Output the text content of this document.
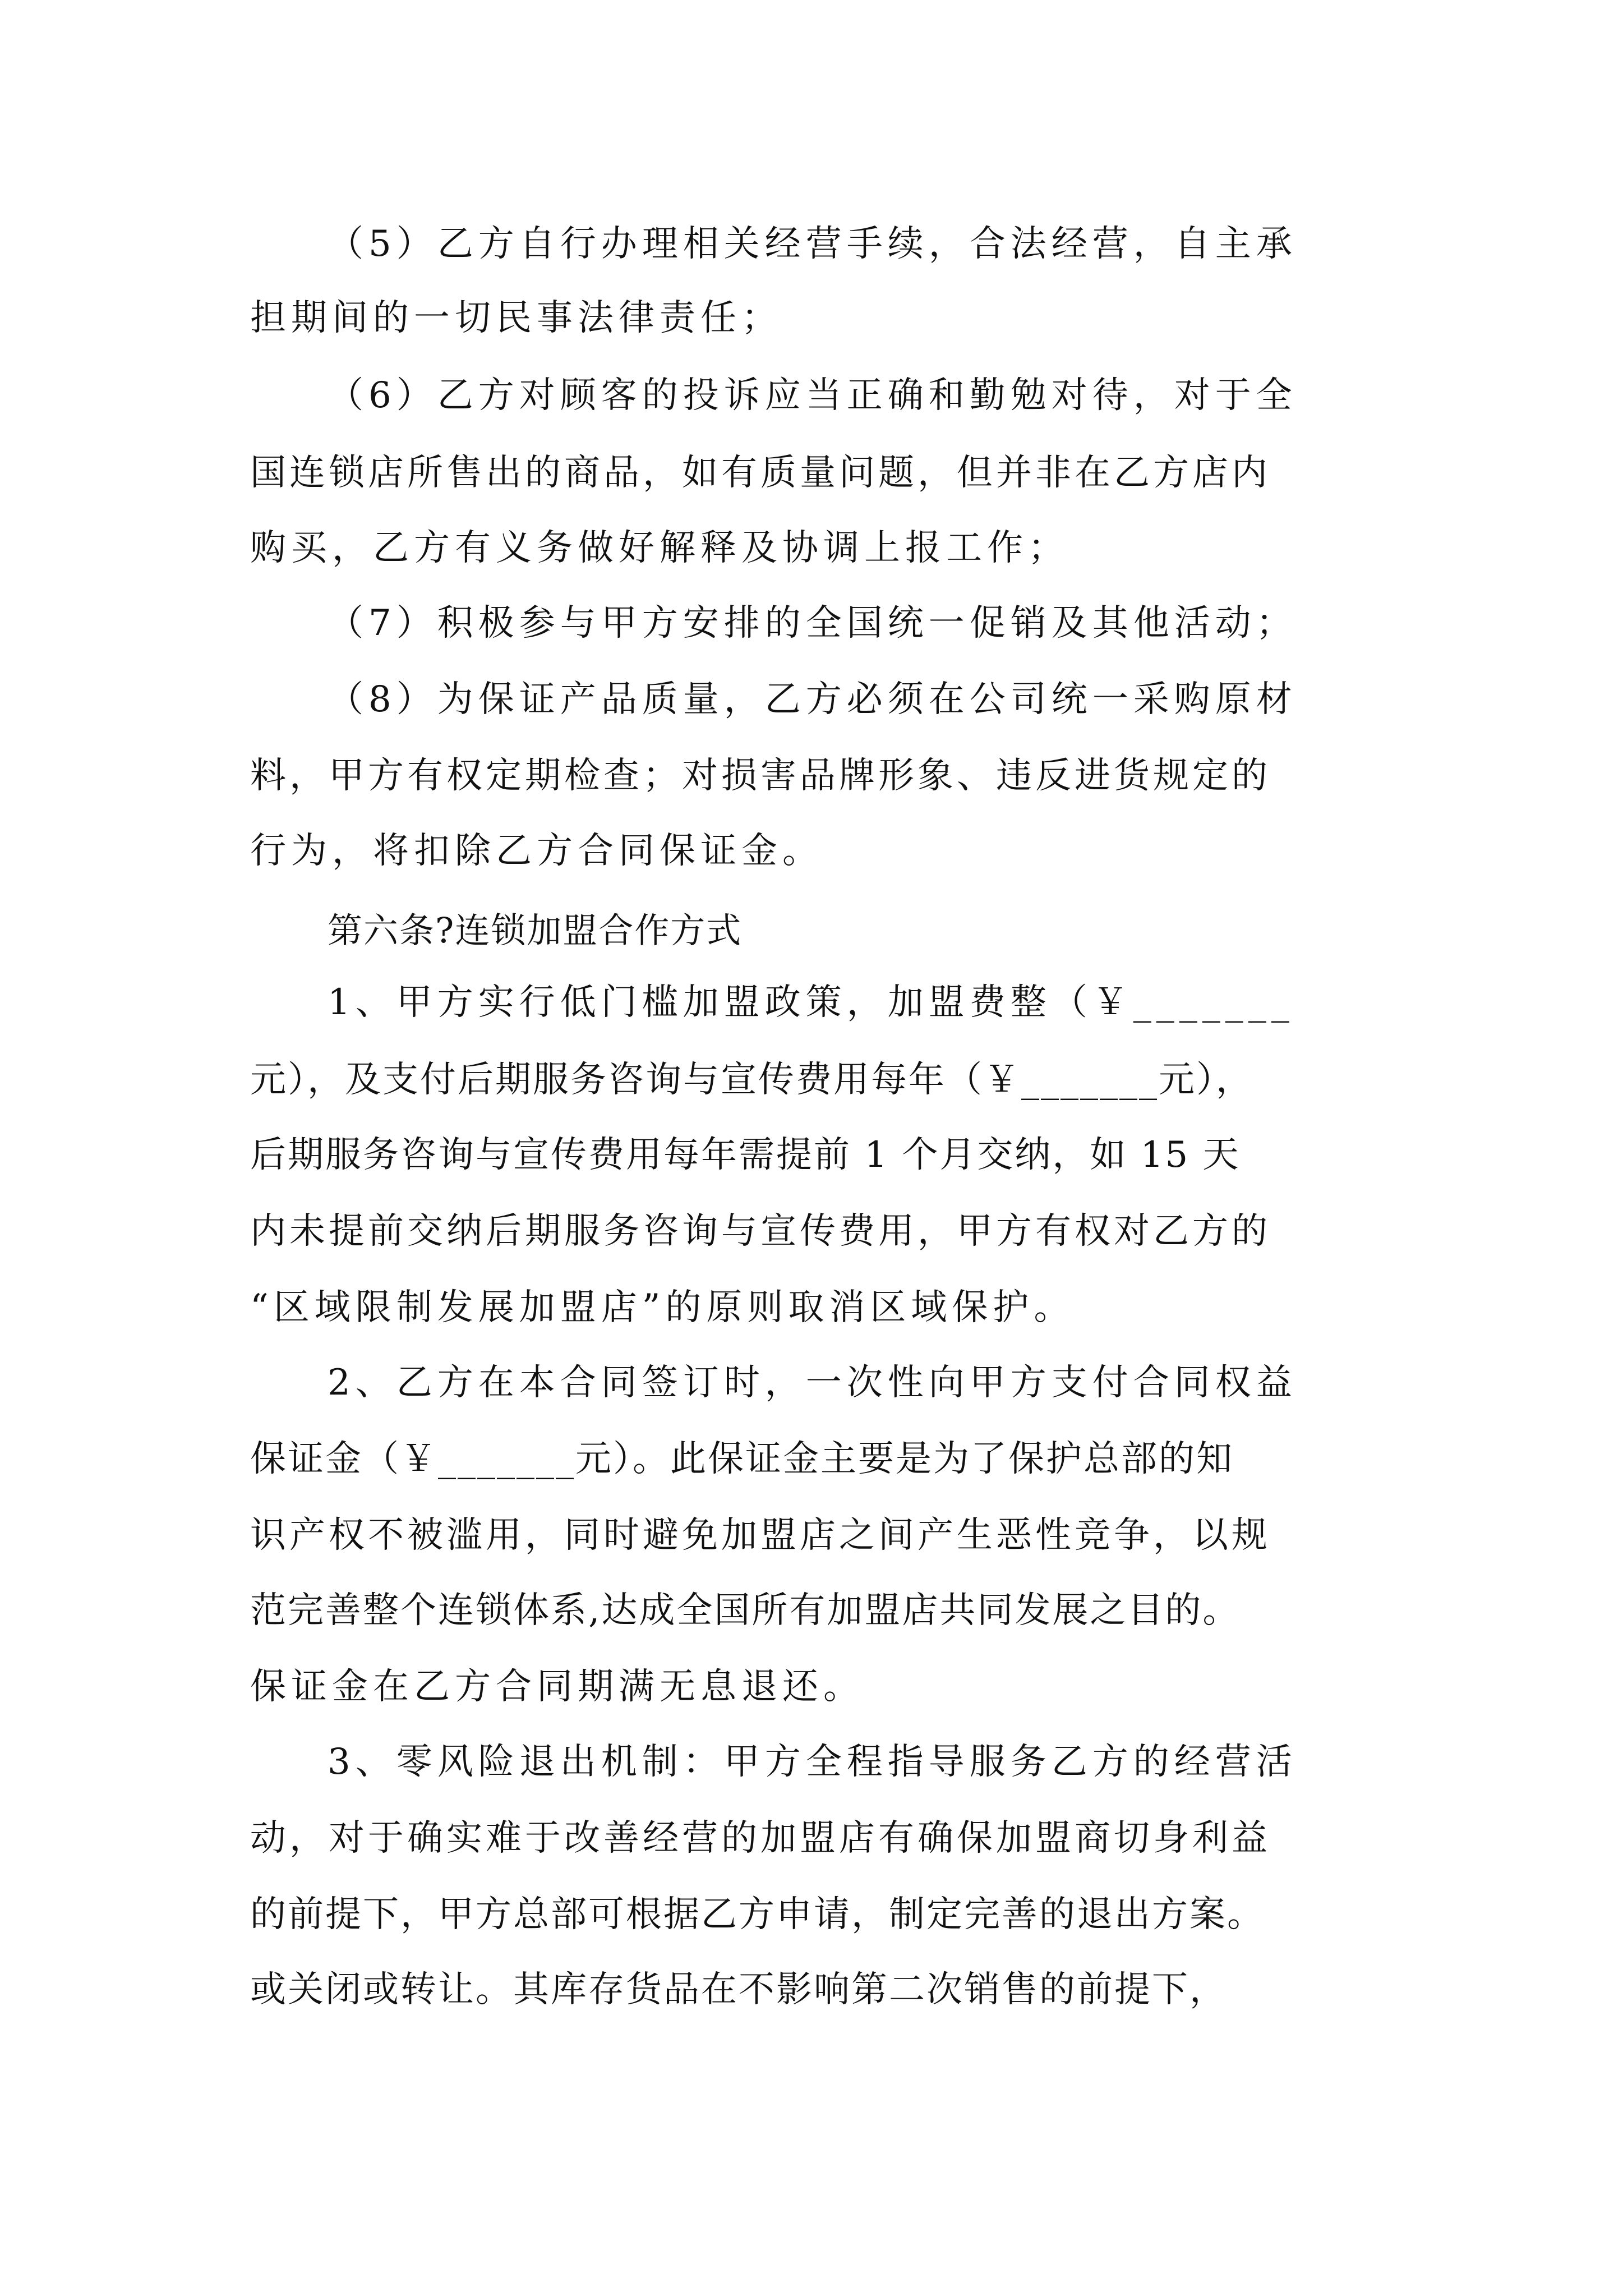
（5）乙方自行办理相关经营手续，合法经营，自主承
担期间的一切民事法律责任；
（6）乙方对顾客的投诉应当正确和勤勉对待，对于全
国连锁店所售出的商品，如有质量问题，但并非在乙方店内
购买，乙方有义务做好解释及协调上报工作；
（7）积极参与甲方安排的全国统一促销及其他活动；
（8）为保证产品质量，乙方必须在公司统一采购原材
料，甲方有权定期检查；对损害品牌形象、违反进货规定的
行为，将扣除乙方合同保证金。
第六条?连锁加盟合作方式
1、甲方实行低门槛加盟政策，加盟费整（￥_______
元），及支付后期服务咨询与宣传费用每年（￥_______元），
后期服务咨询与宣传费用每年需提前 1 个月交纳，如 15 天
内未提前交纳后期服务咨询与宣传费用，甲方有权对乙方的
“区域限制发展加盟店”的原则取消区域保护。
2、乙方在本合同签订时，一次性向甲方支付合同权益
保证金（￥_______元）。此保证金主要是为了保护总部的知
识产权不被滥用，同时避免加盟店之间产生恶性竞争，以规
范完善整个连锁体系,达成全国所有加盟店共同发展之目的。
保证金在乙方合同期满无息退还。
3、零风险退出机制：甲方全程指导服务乙方的经营活
动，对于确实难于改善经营的加盟店有确保加盟商切身利益
的前提下，甲方总部可根据乙方申请，制定完善的退出方案。
或关闭或转让。其库存货品在不影响第二次销售的前提下，
